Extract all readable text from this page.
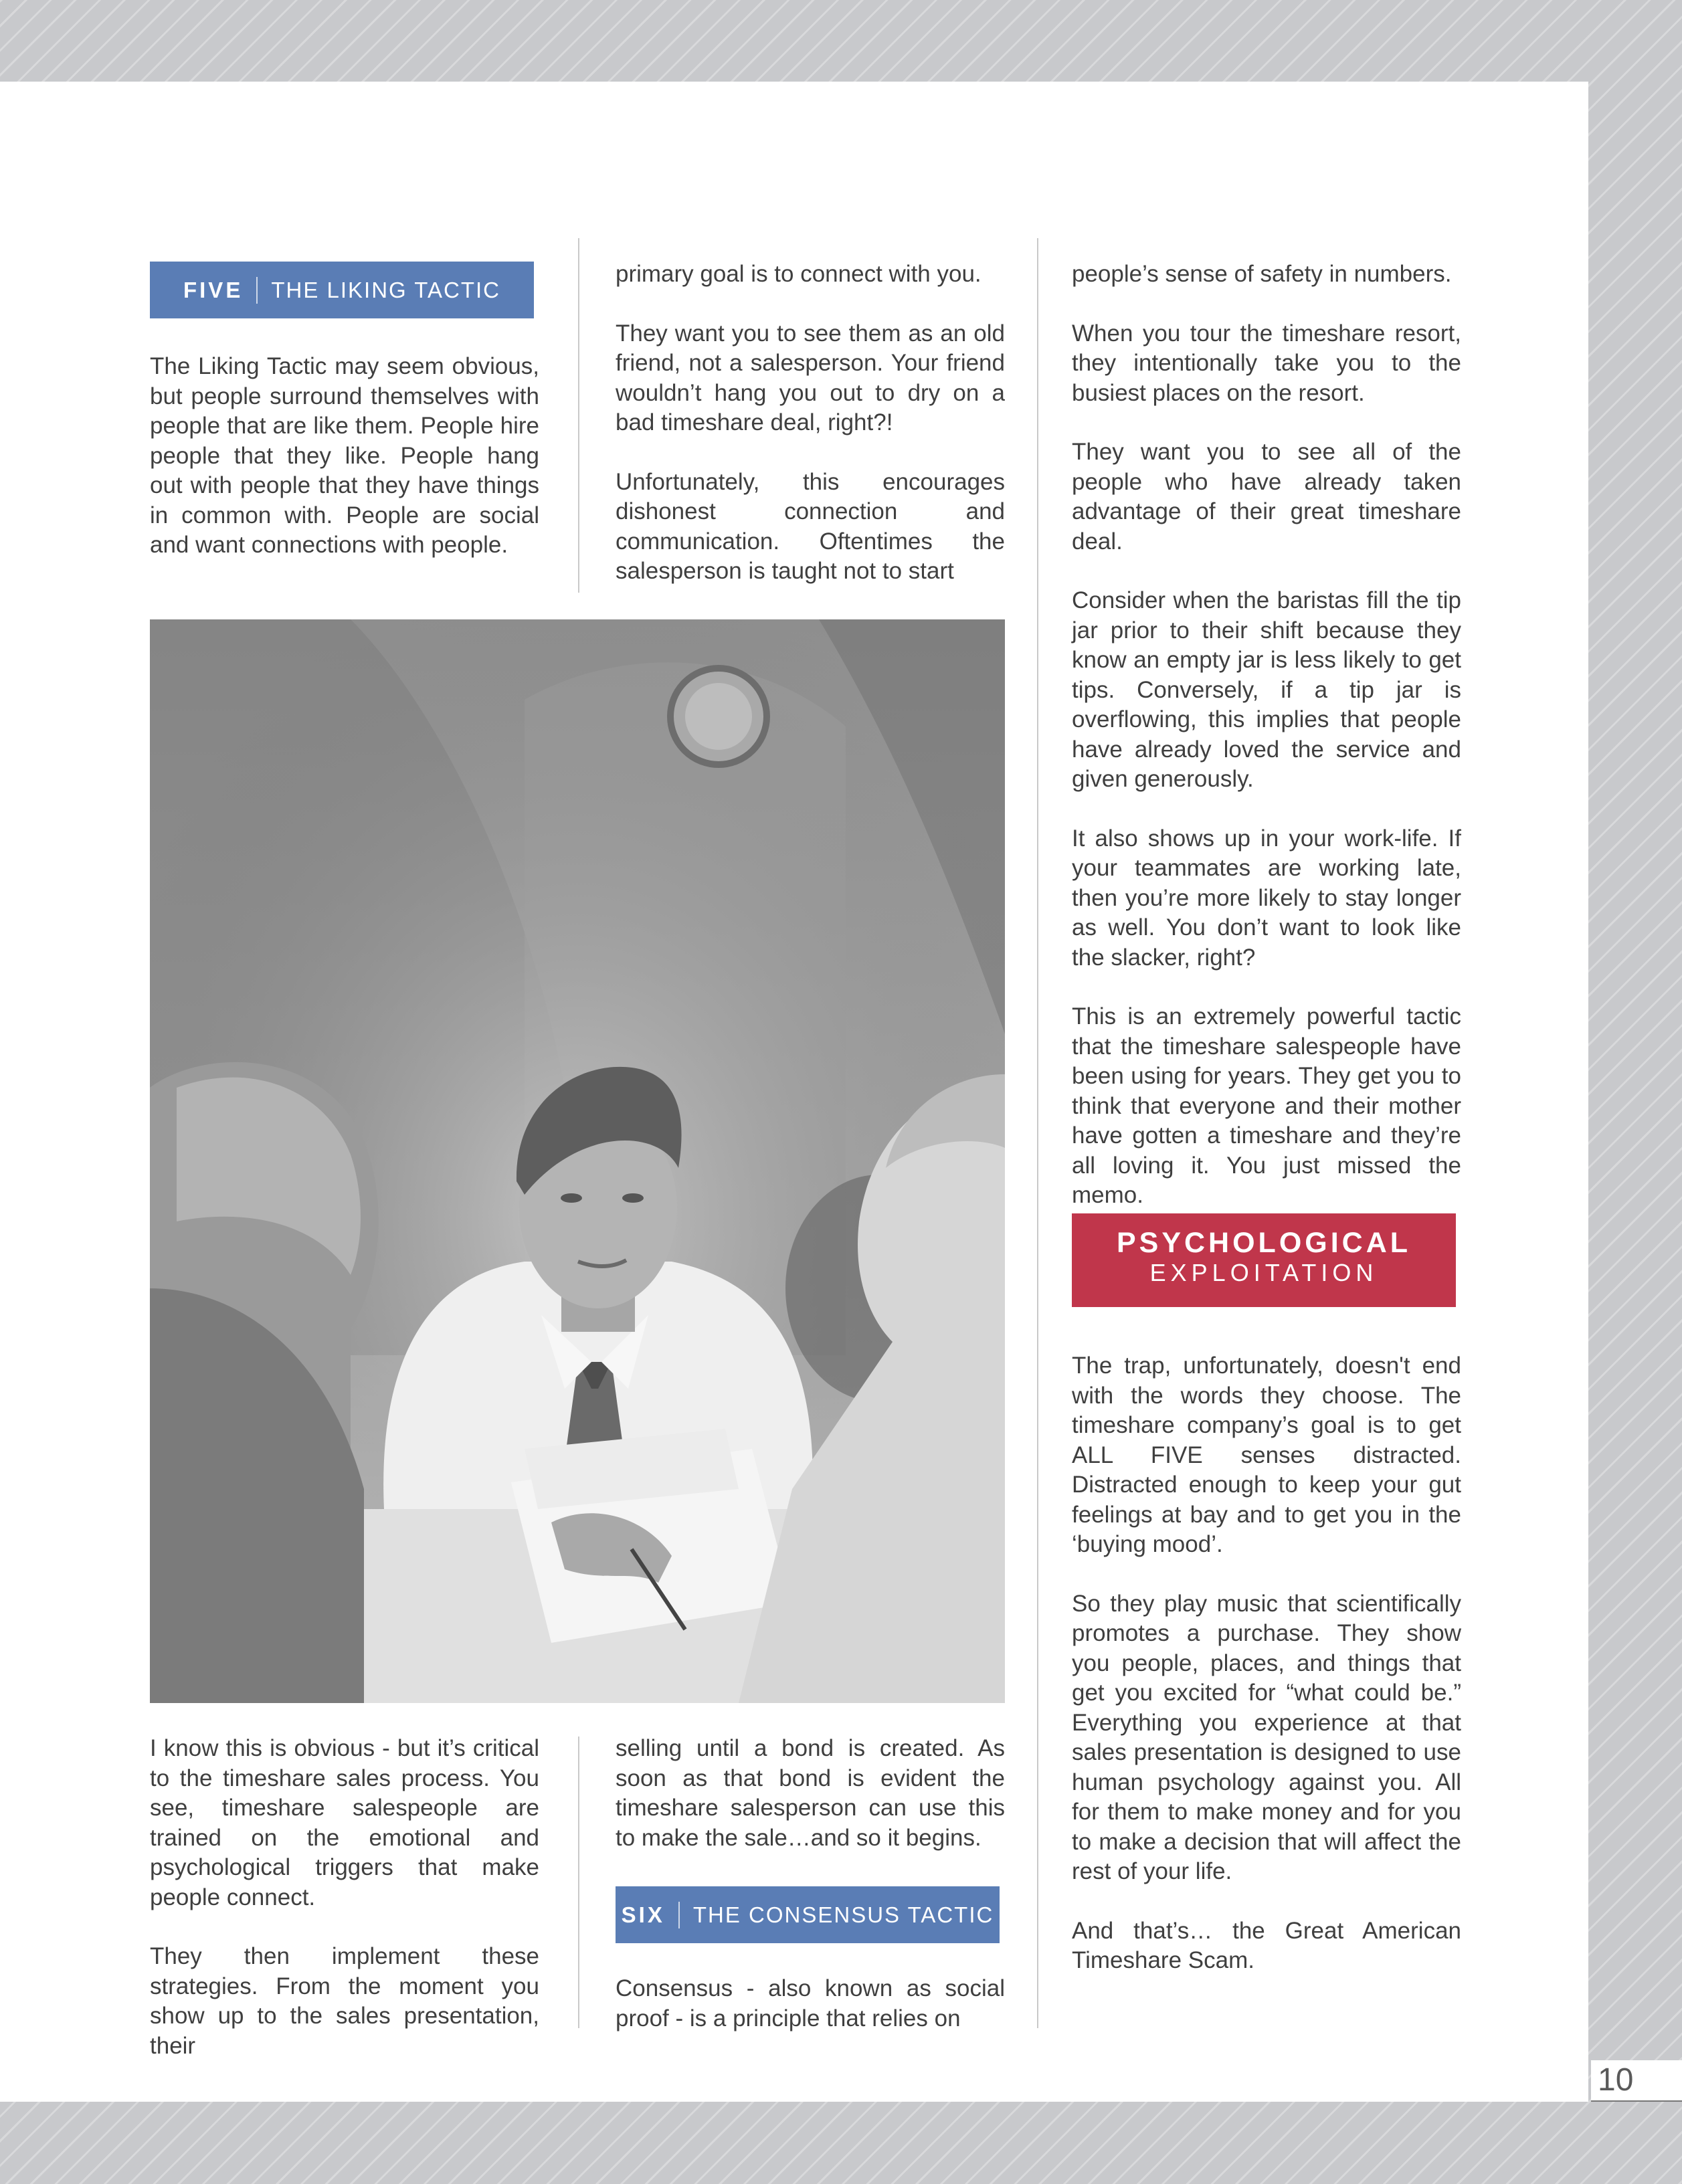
FIVE THE LIKING TACTIC

The Liking Tactic may seem obvious, but people surround themselves with people that are like them. People hire people that they like. People hang out with people that they have things in common with. People are social and want connections with people.

primary goal is to connect with you.

They want you to see them as an old friend, not a salesperson. Your friend wouldn’t hang you out to dry on a bad timeshare deal, right?!

Unfortunately, this encourages dishonest connection and communication. Oftentimes the salesperson is taught not to start

I know this is obvious - but it’s critical to the timeshare sales process. You see, timeshare salespeople are trained on the emotional and psychological triggers that make people connect.

They then implement these strategies. From the moment you show up to the sales presentation, their

selling until a bond is created. As soon as that bond is evident the timeshare salesperson can use this to make the sale…and so it begins.

SIX THE CONSENSUS TACTIC

Consensus - also known as social proof - is a principle that relies on

people’s sense of safety in numbers.

When you tour the timeshare resort, they intentionally take you to the busiest places on the resort.

They want you to see all of the people who have already taken advantage of their great timeshare deal.

Consider when the baristas fill the tip jar prior to their shift because they know an empty jar is less likely to get tips. Conversely, if a tip jar is overflowing, this implies that people have already loved the service and given generously.

It also shows up in your work-life. If your teammates are working late, then you’re more likely to stay longer as well. You don’t want to look like the slacker, right?

This is an extremely powerful tactic that the timeshare salespeople have been using for years. They get you to think that everyone and their mother have gotten a timeshare and they’re all loving it. You just missed the memo.

PSYCHOLOGICAL
EXPLOITATION

The trap, unfortunately, doesn't end with the words they choose. The timeshare company’s goal is to get ALL FIVE senses distracted. Distracted enough to keep your gut feelings at bay and to get you in the ‘buying mood’.

So they play music that scientifically promotes a purchase. They show you people, places, and things that get you excited for “what could be.” Everything you experience at that sales presentation is designed to use human psychology against you. All for them to make money and for you to make a decision that will affect the rest of your life.

And that’s… the Great American Timeshare Scam.

10
